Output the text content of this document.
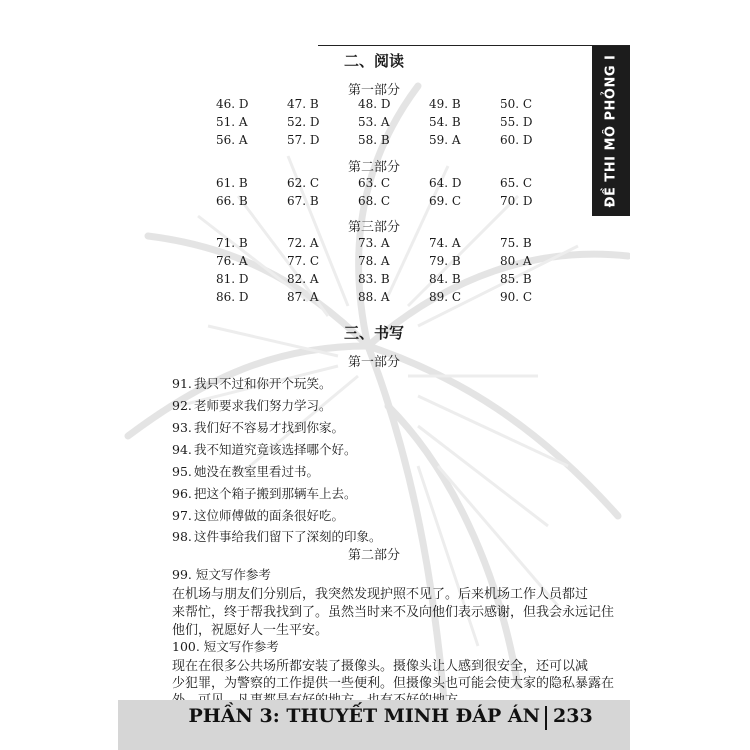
ĐỀ THI MÔ PHỎNG I
二、阅读
第一部分
46. D	47. B	48. D	49. B	50. C
51. A	52. D	53. A	54. B	55. D
56. A	57. D	58. B	59. A	60. D
第二部分
61. B	62. C	63. C	64. D	65. C
66. B	67. B	68. C	69. C	70. D
第三部分
71. B	72. A	73. A	74. A	75. B
76. A	77. C	78. A	79. B	80. A
81. D	82. A	83. B	84. B	85. B
86. D	87. A	88. A	89. C	90. C
三、书写
第一部分
91. 我只不过和你开个玩笑。
92. 老师要求我们努力学习。
93. 我们好不容易才找到你家。
94. 我不知道究竟该选择哪个好。
95. 她没在教室里看过书。
96. 把这个箱子搬到那辆车上去。
97. 这位师傅做的面条很好吃。
98. 这件事给我们留下了深刻的印象。
第二部分
99. 短文写作参考
在机场与朋友们分别后，我突然发现护照不见了。后来机场工作人员都过
来帮忙，终于帮我找到了。虽然当时来不及向他们表示感谢，但我会永远记住
他们，祝愿好人一生平安。
100. 短文写作参考
现在在很多公共场所都安装了摄像头。摄像头让人感到很安全，还可以减
少犯罪，为警察的工作提供一些便利。但摄像头也可能会使大家的隐私暴露在
PHẦN 3: THUYẾT MINH ĐÁP ÁN 233
